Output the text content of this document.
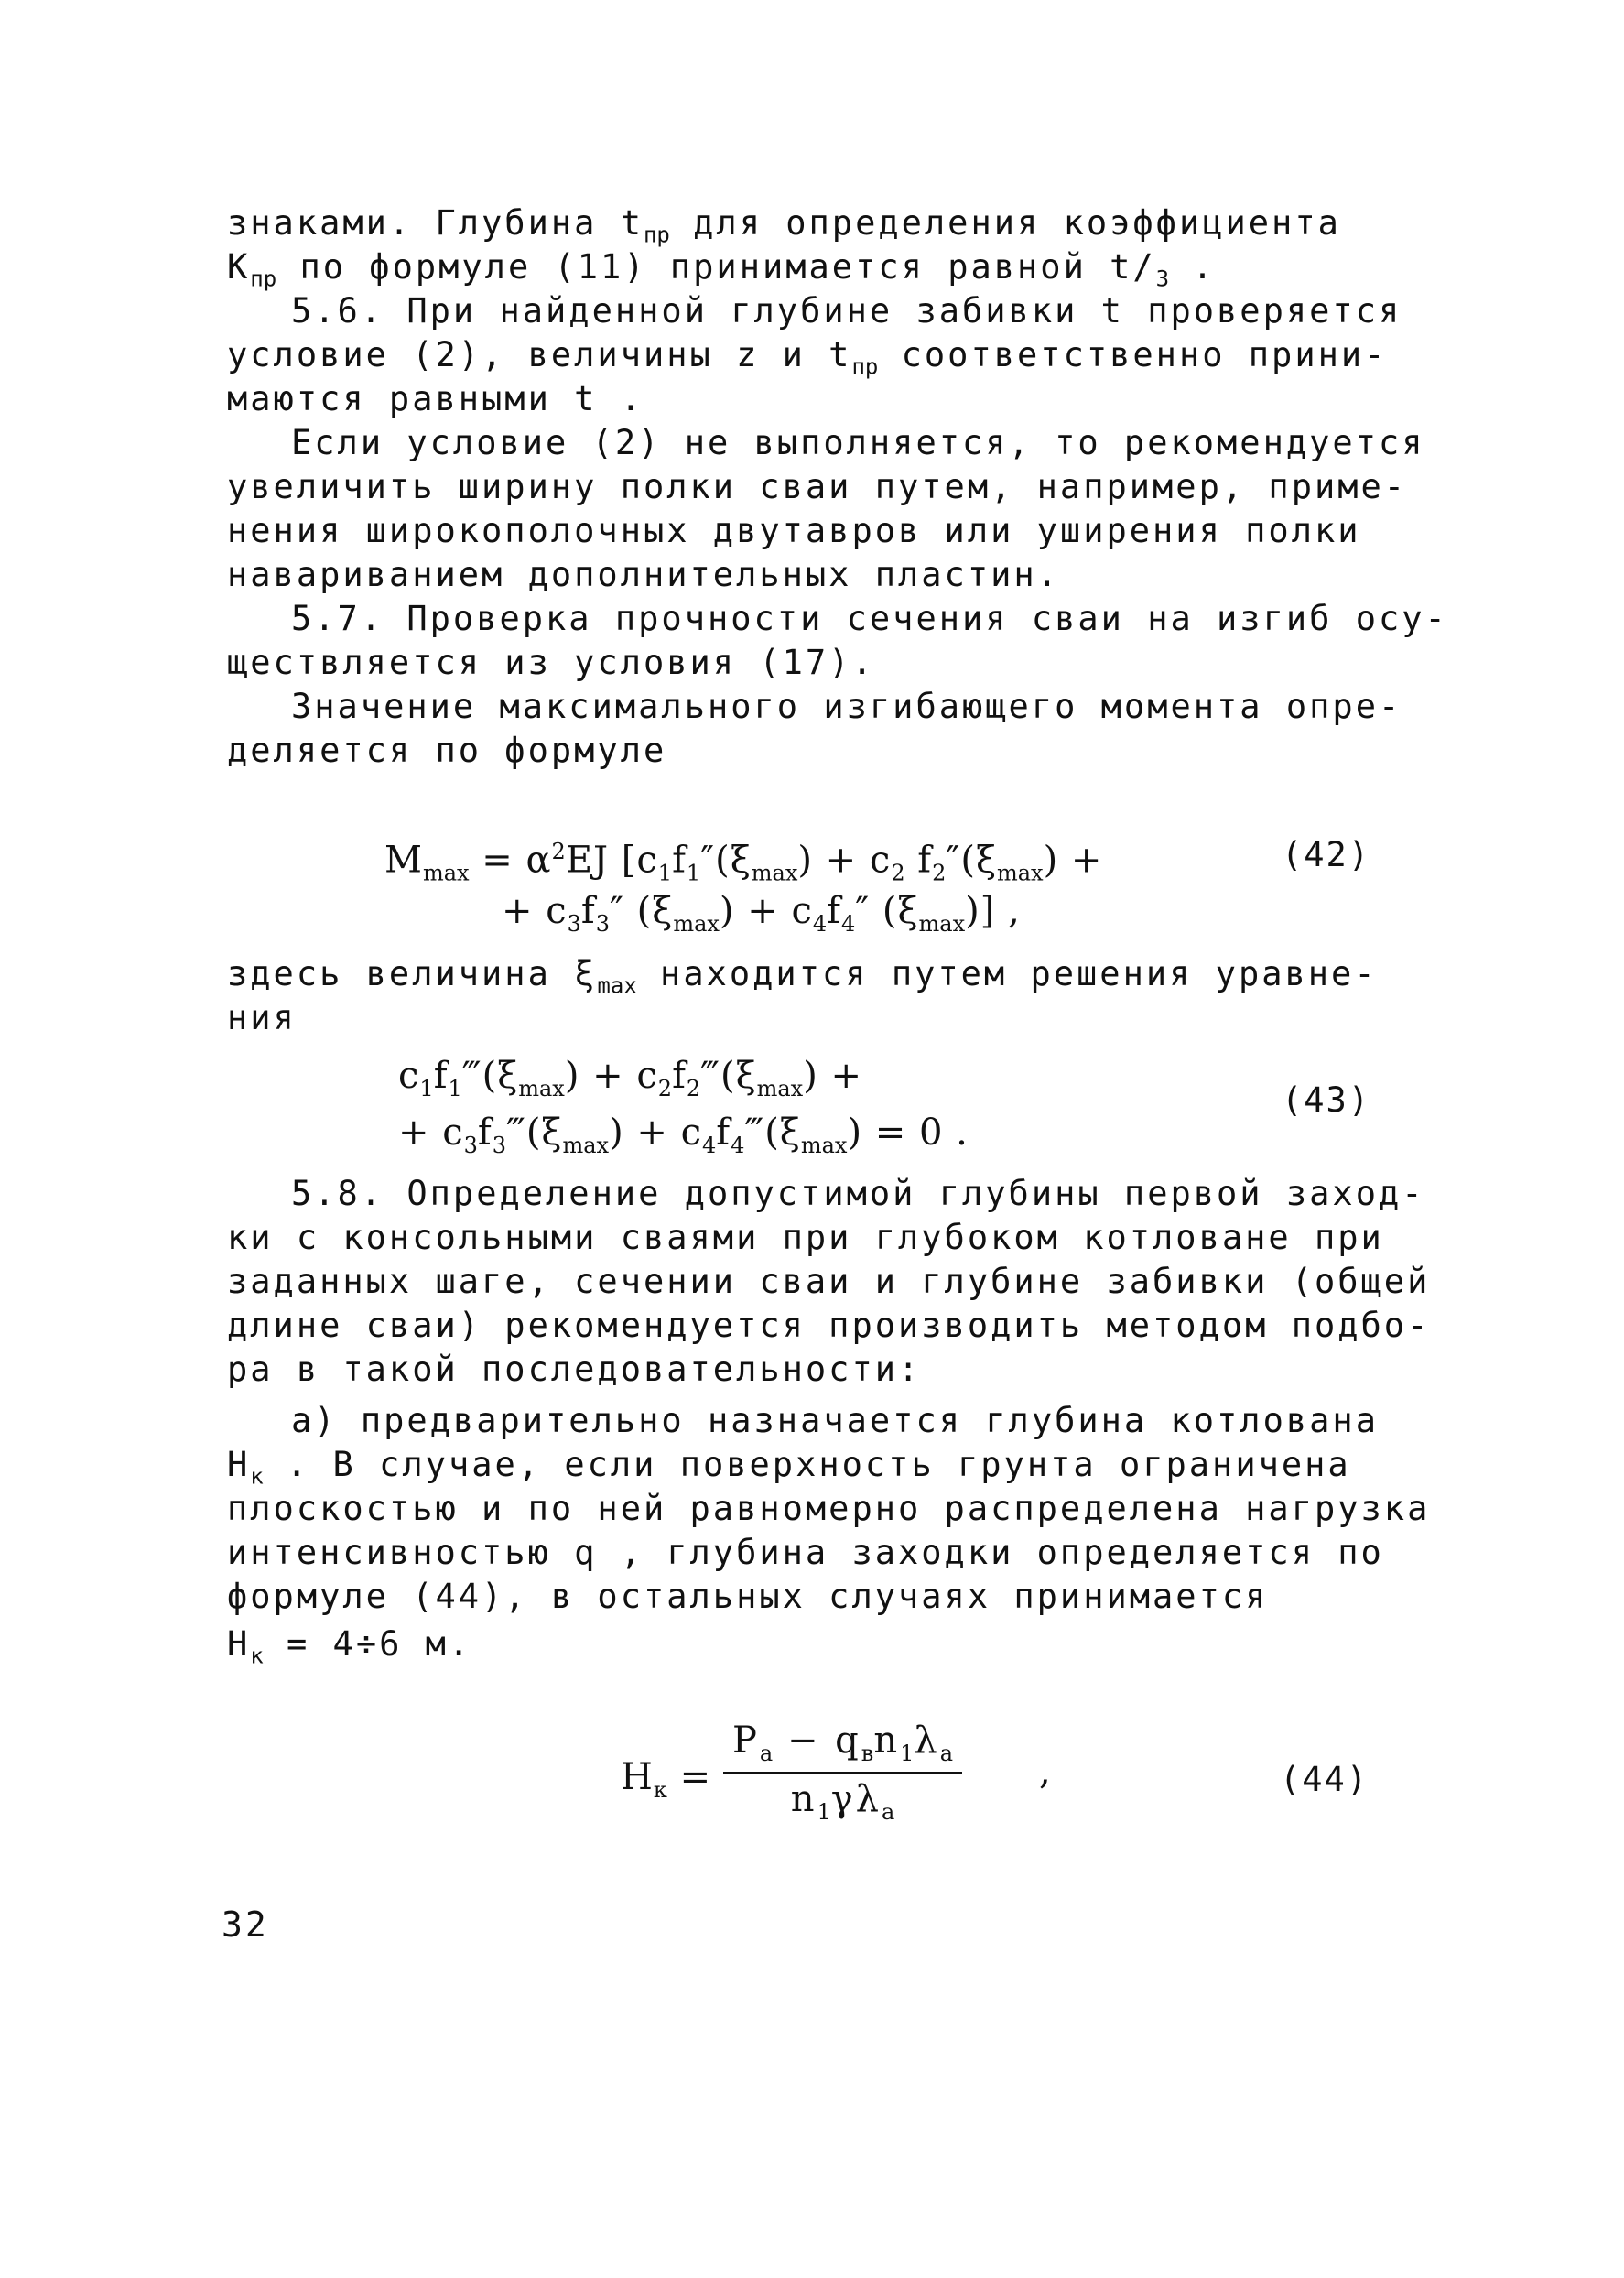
знаками. Глубина $t_{пр}$ для определения коэффициента
$K_{пр}$ по формуле (11) принимается равной $t/_3$ .
5.6. При найденной глубине забивки t проверяется
условие (2), величины z и $t_{пр}$ соответственно прини-
маются равными t .
Если условие (2) не выполняется, то рекомендуется
увеличить ширину полки сваи путем, например, приме-
нения широкополочных двутавров или уширения полки
навариванием дополнительных пластин.
5.7. Проверка прочности сечения сваи на изгиб осу-
ществляется из условия (17).
Значение максимального изгибающего момента опре-
деляется по формуле
$M_{max} = \alpha^2EJ$ [$c_1f_1''(\xi_{max}) + c_2$ $f_2''(\xi_{max})$ +
+ $c_3f_3''$ $(\xi_{max}) + c_4f_4''$ $(\xi_{max})$] ,
(42)
здесь величина $\xi_{max}$ находится путем решения уравне-
ния
$c_1f_1‴(\xi_{max})$ + $c_2f_2‴(\xi_{max})$ +
+ $c_3f_3‴(\xi_{max})$ + $c_4f_4‴(\xi_{max}) = 0$ .
(43)
5.8. Определение допустимой глубины первой заход-
ки с консольными сваями при глубоком котловане при
заданных шаге, сечении сваи и глубине забивки (общей
длине сваи) рекомендуется производить методом подбо-
ра в такой последовательности:
а) предварительно назначается глубина котлована
$H_к$ . В случае, если поверхность грунта ограничена
плоскостью и по ней равномерно распределена нагрузка
интенсивностью q , глубина заходки определяется по
формуле (44), в остальных случаях принимается
$H_к = 4\div 6$ м.
$H_к$ =
$P_a - q_вn_1\lambda_a$
$n_1\gamma\lambda_a$
,	(44)
32
